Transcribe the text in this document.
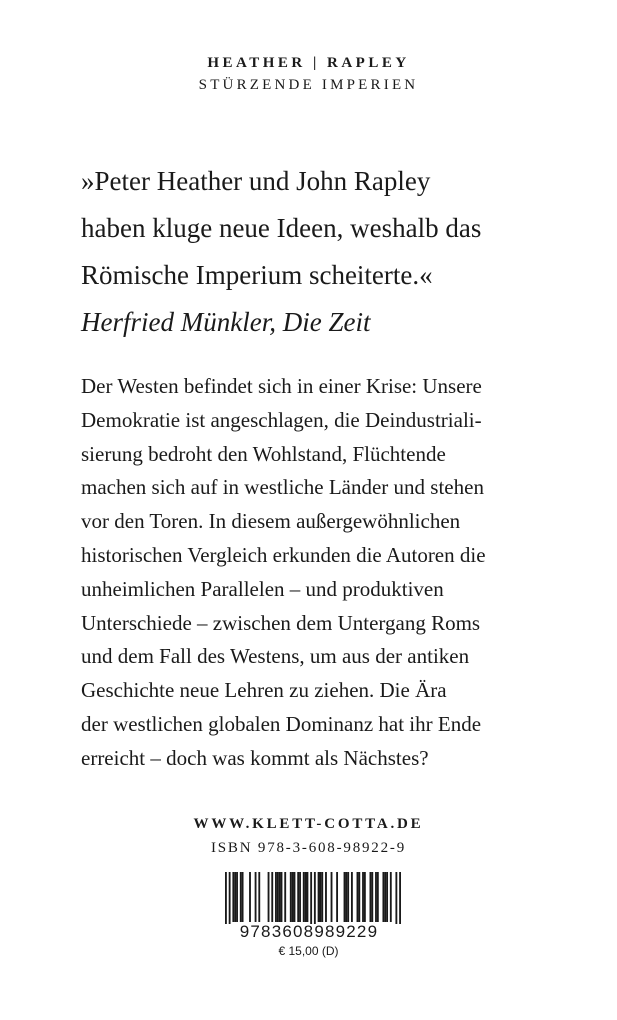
HEATHER | RAPLEY
STÜRZENDE IMPERIEN
»Peter Heather und John Rapley
haben kluge neue Ideen, weshalb das
Römische Imperium scheiterte.«
Herfried Münkler, Die Zeit
Der Westen befindet sich in einer Krise: Unsere
Demokratie ist angeschlagen, die Deindustriali-
sierung bedroht den Wohlstand, Flüchtende
machen sich auf in westliche Länder und stehen
vor den Toren. In diesem außergewöhnlichen
historischen Vergleich erkunden die Autoren die
unheimlichen Parallelen – und produktiven
Unterschiede – zwischen dem Untergang Roms
und dem Fall des Westens, um aus der antiken
Geschichte neue Lehren zu ziehen. Die Ära
der westlichen globalen Dominanz hat ihr Ende
erreicht – doch was kommt als Nächstes?
WWW.KLETT-COTTA.DE
ISBN 978-3-608-98922-9
9783608989229
€ 15,00 (D)
